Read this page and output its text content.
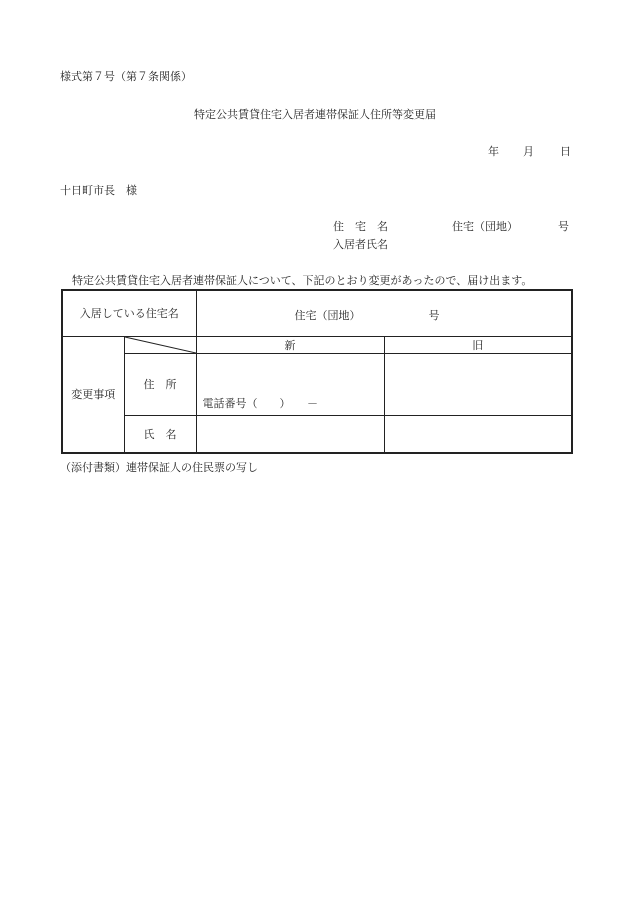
様式第７号（第７条関係）
特定公共賃貸住宅入居者連帯保証人住所等変更届
年 月 日
十日町市長　様
住　宅　名	住宅（団地）	号
入居者氏名
特定公共賃貸住宅入居者連帯保証人について、下記のとおり変更があったので、届け出ます。
入居している住宅名		住宅（団地） 号	

変更事項		新	旧
	住　所	電話番号（　　）　　－	

	氏　名		
（添付書類）連帯保証人の住民票の写し
